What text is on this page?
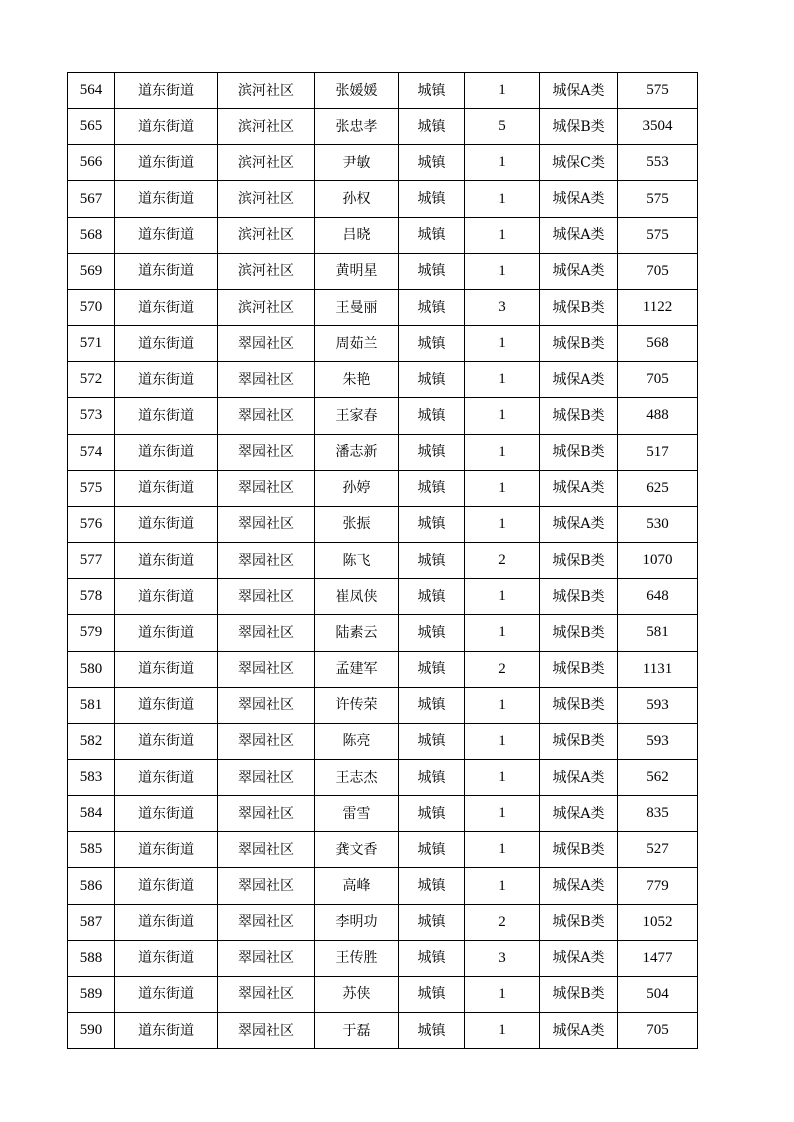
564	道东街道	滨河社区	张媛媛	城镇	1	城保A类	575
565	道东街道	滨河社区	张忠孝	城镇	5	城保B类	3504
566	道东街道	滨河社区	尹敏	城镇	1	城保C类	553
567	道东街道	滨河社区	孙权	城镇	1	城保A类	575
568	道东街道	滨河社区	吕晓	城镇	1	城保A类	575
569	道东街道	滨河社区	黄明星	城镇	1	城保A类	705
570	道东街道	滨河社区	王曼丽	城镇	3	城保B类	1122
571	道东街道	翠园社区	周茹兰	城镇	1	城保B类	568
572	道东街道	翠园社区	朱艳	城镇	1	城保A类	705
573	道东街道	翠园社区	王家春	城镇	1	城保B类	488
574	道东街道	翠园社区	潘志新	城镇	1	城保B类	517
575	道东街道	翠园社区	孙婷	城镇	1	城保A类	625
576	道东街道	翠园社区	张振	城镇	1	城保A类	530
577	道东街道	翠园社区	陈飞	城镇	2	城保B类	1070
578	道东街道	翠园社区	崔凤侠	城镇	1	城保B类	648
579	道东街道	翠园社区	陆素云	城镇	1	城保B类	581
580	道东街道	翠园社区	孟建军	城镇	2	城保B类	1131
581	道东街道	翠园社区	许传荣	城镇	1	城保B类	593
582	道东街道	翠园社区	陈亮	城镇	1	城保B类	593
583	道东街道	翠园社区	王志杰	城镇	1	城保A类	562
584	道东街道	翠园社区	雷雪	城镇	1	城保A类	835
585	道东街道	翠园社区	龚文香	城镇	1	城保B类	527
586	道东街道	翠园社区	高峰	城镇	1	城保A类	779
587	道东街道	翠园社区	李明功	城镇	2	城保B类	1052
588	道东街道	翠园社区	王传胜	城镇	3	城保A类	1477
589	道东街道	翠园社区	苏侠	城镇	1	城保B类	504
590	道东街道	翠园社区	于磊	城镇	1	城保A类	705
